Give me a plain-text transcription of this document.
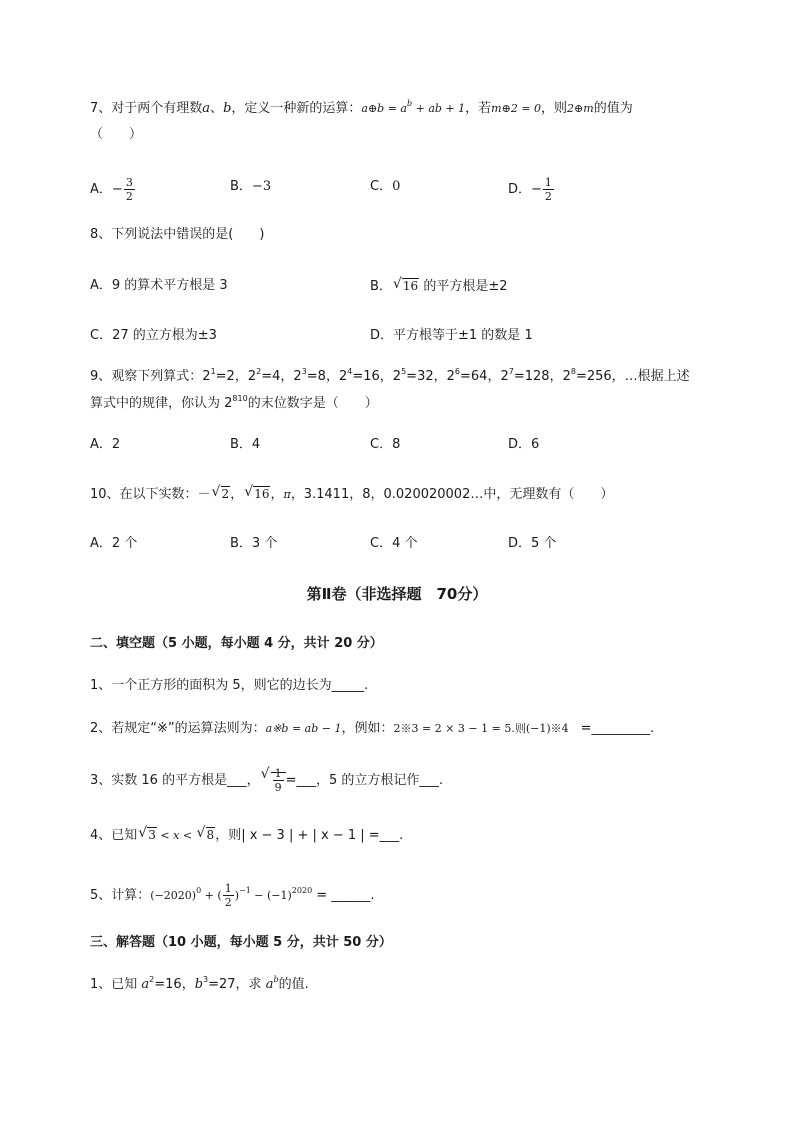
7、对于两个有理数a、b，定义一种新的运算：a⊕b = $a^b$ + ab + 1，若m⊕2 = 0，则2⊕m的值为
（　　）
A．− $\frac{3}{2}$	B．−3	C．0	D．− $\frac{1}{2}$
8、下列说法中错误的是(　　)
A．9 的算术平方根是 3	B． √ 16 的平方根是±2
C．27 的立方根为±3	D．平方根等于±1 的数是 1
9、观察下列算式：$2^1=2$，$2^2=4$，$2^3=8$，$2^4=16$，$2^5=32$，$2^6=64$，$2^7=128$，$2^8=256$，…根据上述
算式中的规律，你认为 $2^{810}$的末位数字是（　　）
A．2	B．4	C．8	D．6
10、在以下实数：－ √ 2， √ 16，π，3.1411，8，0.020020002…中，无理数有（　　）
A．2 个	B．3 个	C．4 个	D．5 个
第Ⅱ卷（非选择题　70分）
二、填空题（5 小题，每小题 4 分，共计 20 分）
1、一个正方形的面积为 5，则它的边长为_____.
2、若规定“※”的运算法则为：a※b = ab − 1，例如：2※3 = 2 × 3 − 1 = 5.则(−1)※4 =_________.
3、实数 16 的平方根是___， √ $\frac{1}{9}$ =___，5 的立方根记作___.
4、已知 √ 3 < x < √ 8，则| x − 3 | + | x − 1 | =___.
5、计算：$(-2020)^0$ + ( $\frac{1}{2} )^{-1} - (-1)^{2020}$ = ______.
三、解答题（10 小题，每小题 5 分，共计 50 分）
1、已知 $a^2=16$，$b^3=27$，求 $a^b$的值.
